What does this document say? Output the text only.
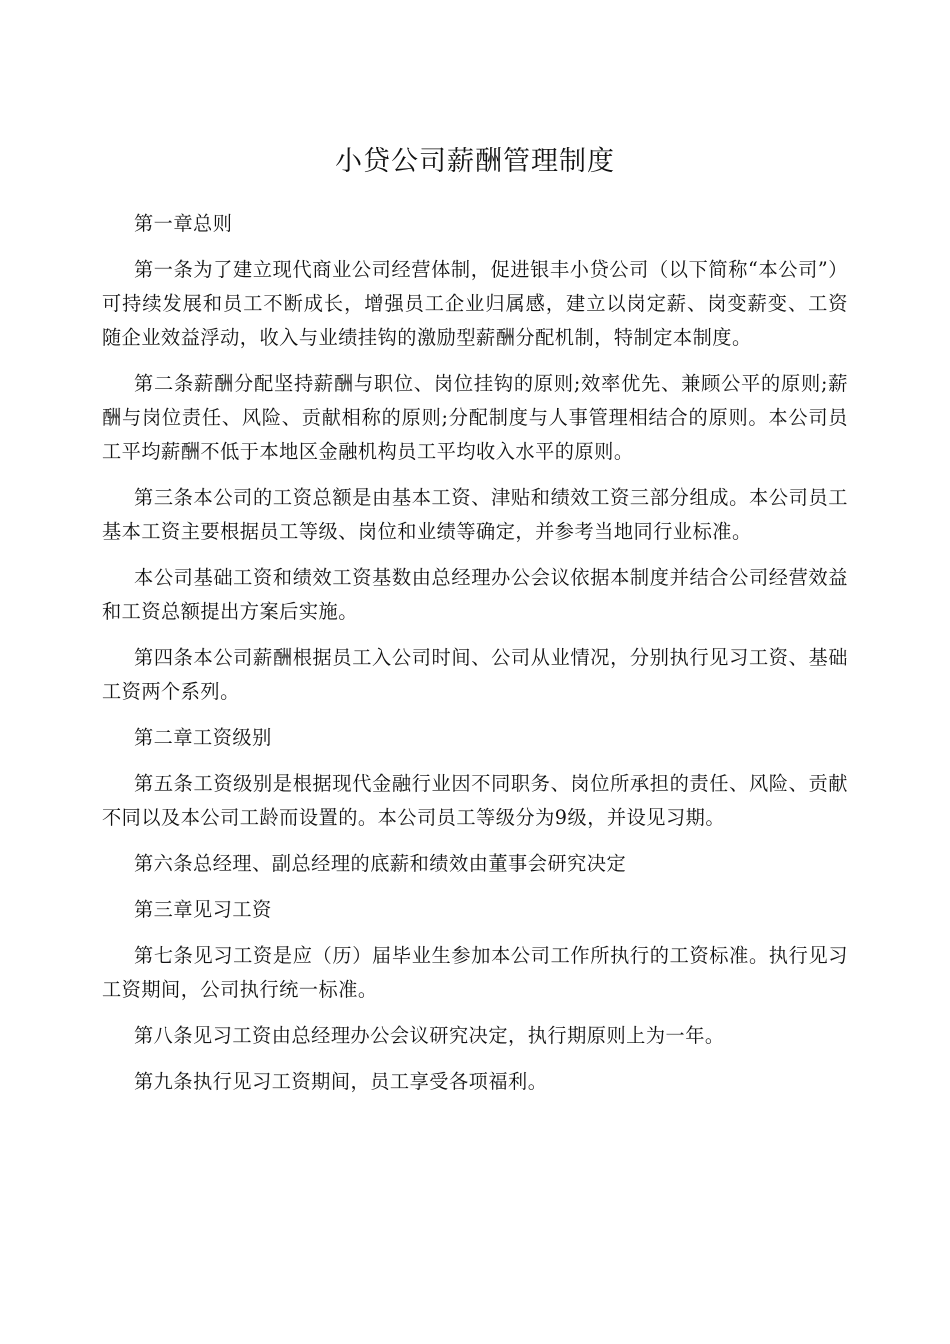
小贷公司薪酬管理制度

第一章总则

第一条为了建立现代商业公司经营体制，促进银丰小贷公司（以下简称“本公司”）可持续发展和员工不断成长，增强员工企业归属感，建立以岗定薪、岗变薪变、工资随企业效益浮动，收入与业绩挂钩的激励型薪酬分配机制，特制定本制度。

第二条薪酬分配坚持薪酬与职位、岗位挂钩的原则;效率优先、兼顾公平的原则;薪酬与岗位责任、风险、贡献相称的原则;分配制度与人事管理相结合的原则。本公司员工平均薪酬不低于本地区金融机构员工平均收入水平的原则。

第三条本公司的工资总额是由基本工资、津贴和绩效工资三部分组成。本公司员工基本工资主要根据员工等级、岗位和业绩等确定，并参考当地同行业标准。

本公司基础工资和绩效工资基数由总经理办公会议依据本制度并结合公司经营效益和工资总额提出方案后实施。

第四条本公司薪酬根据员工入公司时间、公司从业情况，分别执行见习工资、基础工资两个系列。

第二章工资级别

第五条工资级别是根据现代金融行业因不同职务、岗位所承担的责任、风险、贡献不同以及本公司工龄而设置的。本公司员工等级分为9级，并设见习期。

第六条总经理、副总经理的底薪和绩效由董事会研究决定

第三章见习工资

第七条见习工资是应（历）届毕业生参加本公司工作所执行的工资标准。执行见习工资期间，公司执行统一标准。

第八条见习工资由总经理办公会议研究决定，执行期原则上为一年。

第九条执行见习工资期间，员工享受各项福利。
